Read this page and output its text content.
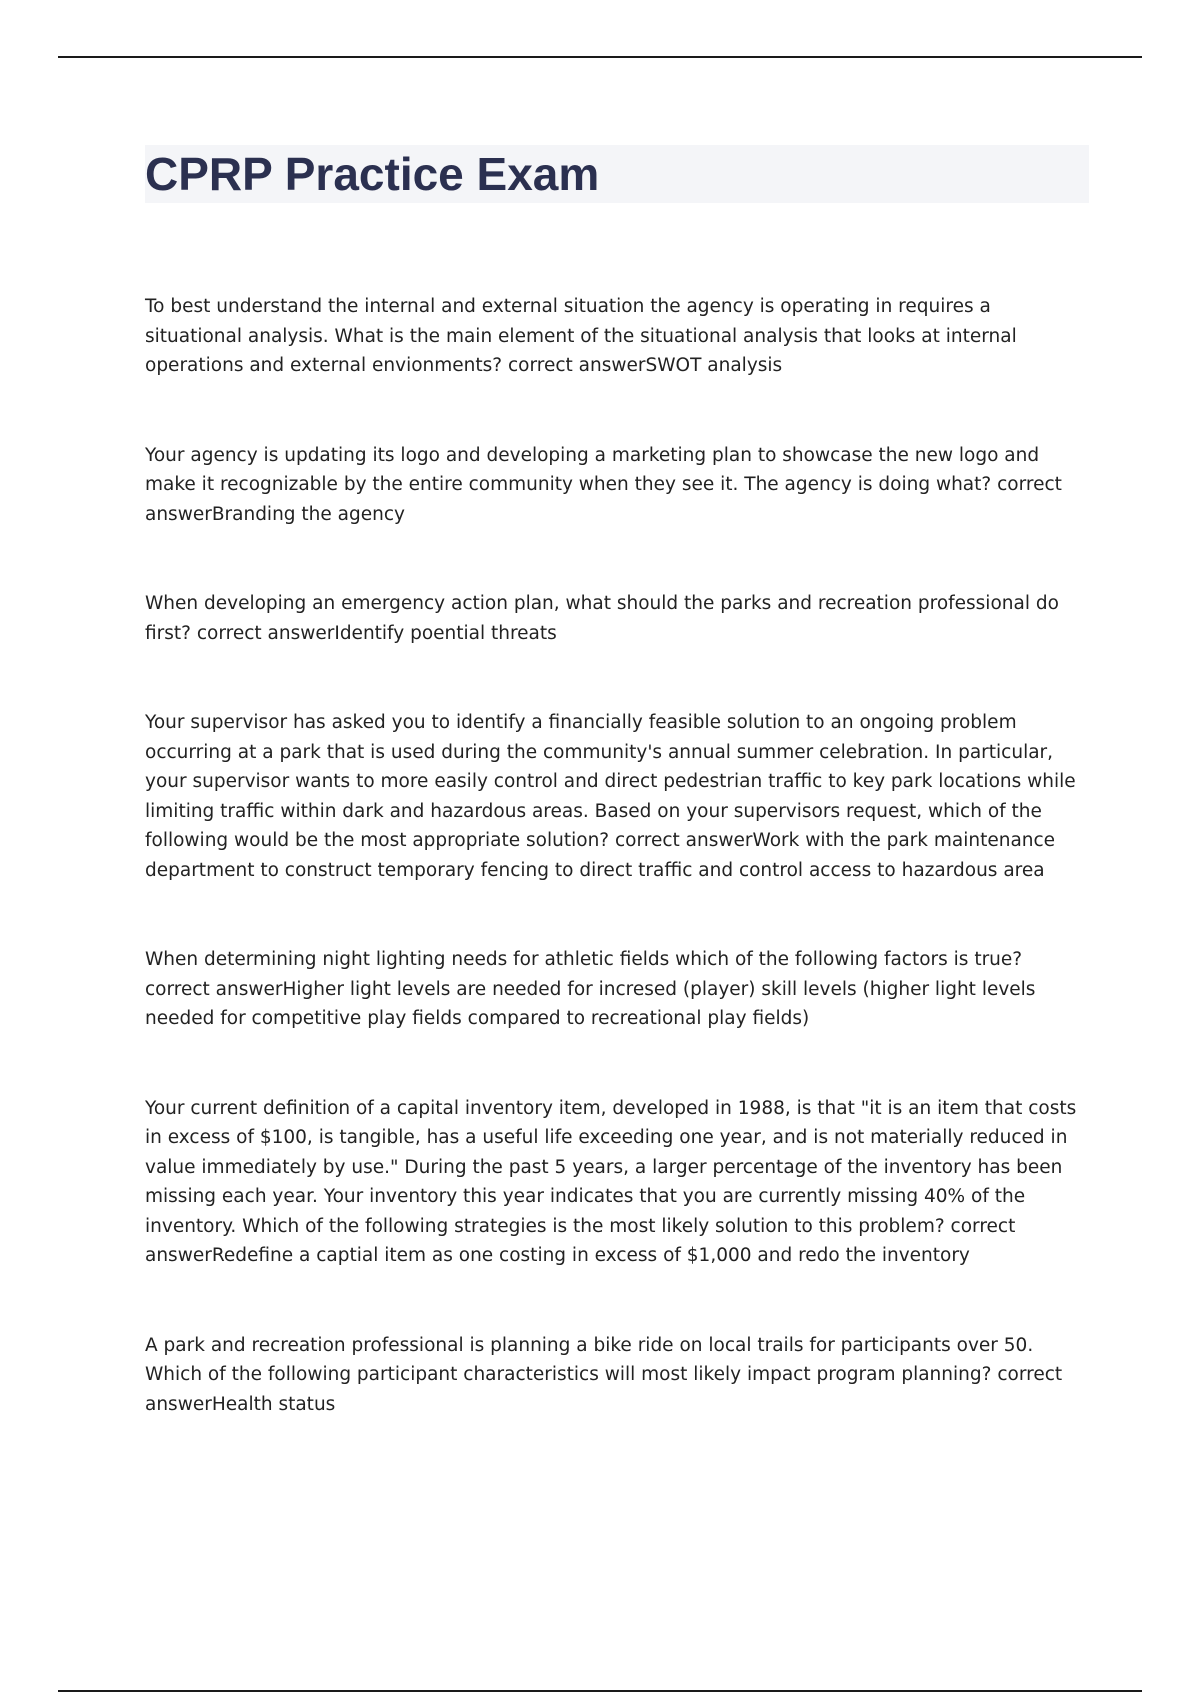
CPRP Practice Exam

To best understand the internal and external situation the agency is operating in requires a situational analysis. What is the main element of the situational analysis that looks at internal operations and external envionments? correct answerSWOT analysis

Your agency is updating its logo and developing a marketing plan to showcase the new logo and make it recognizable by the entire community when they see it. The agency is doing what? correct answerBranding the agency

When developing an emergency action plan, what should the parks and recreation professional do first? correct answerIdentify poential threats

Your supervisor has asked you to identify a financially feasible solution to an ongoing problem occurring at a park that is used during the community's annual summer celebration. In particular, your supervisor wants to more easily control and direct pedestrian traffic to key park locations while limiting traffic within dark and hazardous areas. Based on your supervisors request, which of the following would be the most appropriate solution? correct answerWork with the park maintenance department to construct temporary fencing to direct traffic and control access to hazardous area

When determining night lighting needs for athletic fields which of the following factors is true? correct answerHigher light levels are needed for incresed (player) skill levels (higher light levels needed for competitive play fields compared to recreational play fields)

Your current definition of a capital inventory item, developed in 1988, is that "it is an item that costs in excess of $100, is tangible, has a useful life exceeding one year, and is not materially reduced in value immediately by use." During the past 5 years, a larger percentage of the inventory has been missing each year. Your inventory this year indicates that you are currently missing 40% of the inventory. Which of the following strategies is the most likely solution to this problem? correct answerRedefine a captial item as one costing in excess of $1,000 and redo the inventory

A park and recreation professional is planning a bike ride on local trails for participants over 50. Which of the following participant characteristics will most likely impact program planning? correct answerHealth status
